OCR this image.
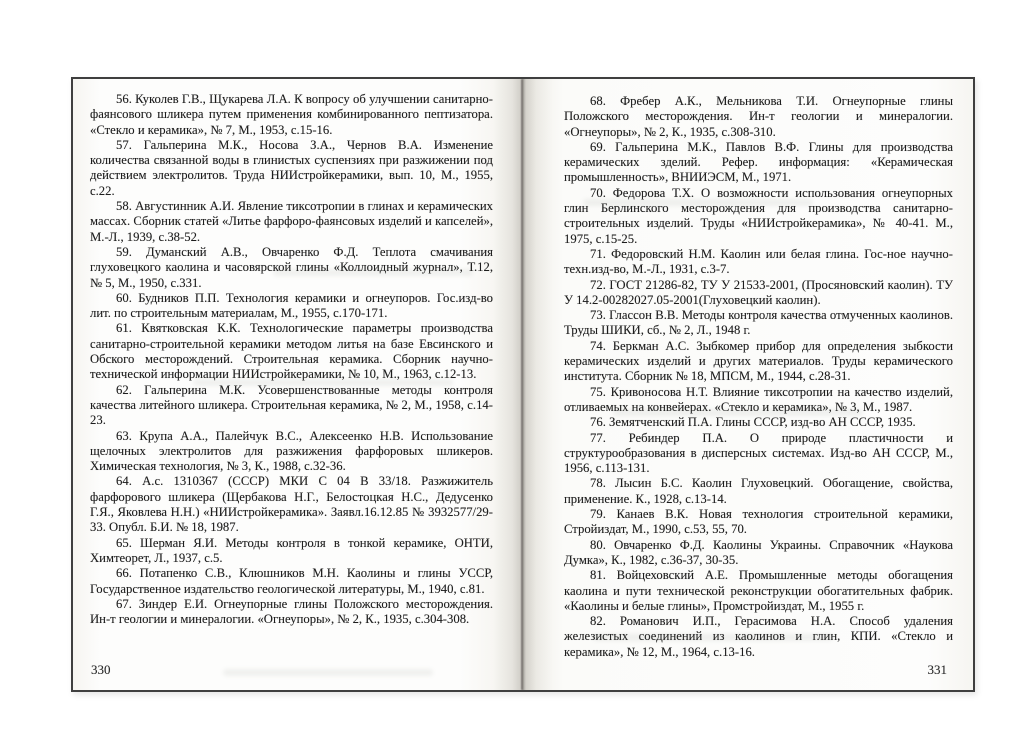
56. Куколев Г.В., Щукарева Л.А. К вопросу об улучшении санитарно-фаянсового шликера путем применения комбинированного пептизатора. «Стекло и керамика», № 7, М., 1953, с.15-16.

57. Гальперина М.К., Носова З.А., Чернов В.А. Изменение количества связанной воды в глинистых суспензиях при разжижении под действием электролитов. Труда НИИстройкерамики, вып. 10, М., 1955, с.22.

58. Августинник А.И. Явление тиксотропии в глинах и керамических массах. Сборник статей «Литье фарфоро-фаянсовых изделий и капселей», М.-Л., 1939, с.38-52.

59. Думанский А.В., Овчаренко Ф.Д. Теплота смачивания глуховецкого каолина и часовярской глины «Коллоидный журнал», Т.12, № 5, М., 1950, с.331.

60. Будников П.П. Технология керамики и огнеупоров. Гос.изд-во лит. по строительным материалам, М., 1955, с.170-171.

61. Квятковская К.К. Технологические параметры производства санитарно-строительной керамики методом литья на базе Евсинского и Обского месторождений. Строительная керамика. Сборник научно-технической информации НИИстройкерамики, № 10, М., 1963, с.12-13.

62. Гальперина М.К. Усовершенствованные методы контроля качества литейного шликера. Строительная керамика, № 2, М., 1958, с.14-23.

63. Крупа А.А., Палейчук В.С., Алексеенко Н.В. Использование щелочных электролитов для разжижения фарфоровых шликеров. Химическая технология, № 3, К., 1988, с.32-36.

64. А.с. 1310367 (СССР) МКИ С 04 В 33/18. Разжижитель фарфорового шликера (Щербакова Н.Г., Белостоцкая Н.С., Дедусенко Г.Я., Яковлева Н.Н.) «НИИстройкерамика». Заявл.16.12.85 № 3932577/29-33. Опубл. Б.И. № 18, 1987.

65. Шерман Я.И. Методы контроля в тонкой керамике, ОНТИ, Химтеорет, Л., 1937, с.5.

66. Потапенко С.В., Клюшников М.Н. Каолины и глины УССР, Государственное издательство геологической литературы, М., 1940, с.81.

67. Зиндер Е.И. Огнеупорные глины Положского месторождения. Ин-т геологии и минералогии. «Огнеупоры», № 2, К., 1935, с.304-308.

330

68. Фребер А.К., Мельникова Т.И. Огнеупорные глины Положского месторождения. Ин-т геологии и минералогии. «Огнеупоры», № 2, К., 1935, с.308-310.

69. Гальперина М.К., Павлов В.Ф. Глины для производства керамических зделий. Рефер. информация: «Керамическая промышленность», ВНИИЭСМ, М., 1971.

70. Федорова Т.Х. О возможности использования огнеупорных глин Берлинского месторождения для производства санитарно-строительных изделий. Труды «НИИстройкерамика», № 40-41. М., 1975, с.15-25.

71. Федоровский Н.М. Каолин или белая глина. Гос-ное научно-техн.изд-во, М.-Л., 1931, с.3-7.

72. ГОСТ 21286-82, ТУ У 21533-2001, (Просяновский каолин). ТУ У 14.2-00282027.05-2001(Глуховецкий каолин).

73. Глассон В.В. Методы контроля качества отмученных каолинов. Труды ШИКИ, сб., № 2, Л., 1948 г.

74. Беркман А.С. Зыбкомер прибор для определения зыбкости керамических изделий и других материалов. Труды керамического института. Сборник № 18, МПСМ, М., 1944, с.28-31.

75. Кривоносова Н.Т. Влияние тиксотропии на качество изделий, отливаемых на конвейерах. «Стекло и керамика», № 3, М., 1987.

76. Земятченский П.А. Глины СССР, изд-во АН СССР, 1935.

77. Ребиндер П.А. О природе пластичности и структурообразования в дисперсных системах. Изд-во АН СССР, М., 1956, с.113-131.

78. Лысин Б.С. Каолин Глуховецкий. Обогащение, свойства, применение. К., 1928, с.13-14.

79. Канаев В.К. Новая технология строительной керамики, Стройиздат, М., 1990, с.53, 55, 70.

80. Овчаренко Ф.Д. Каолины Украины. Справочник «Наукова Думка», К., 1982, с.36-37, 30-35.

81. Войцеховский А.Е. Промышленные методы обогащения каолина и пути технической реконструкции обогатительных фабрик. «Каолины и белые глины», Промстройиздат, М., 1955 г.

82. Романович И.П., Герасимова Н.А. Способ удаления железистых соединений из каолинов и глин, КПИ. «Стекло и керамика», № 12, М., 1964, с.13-16.

331
